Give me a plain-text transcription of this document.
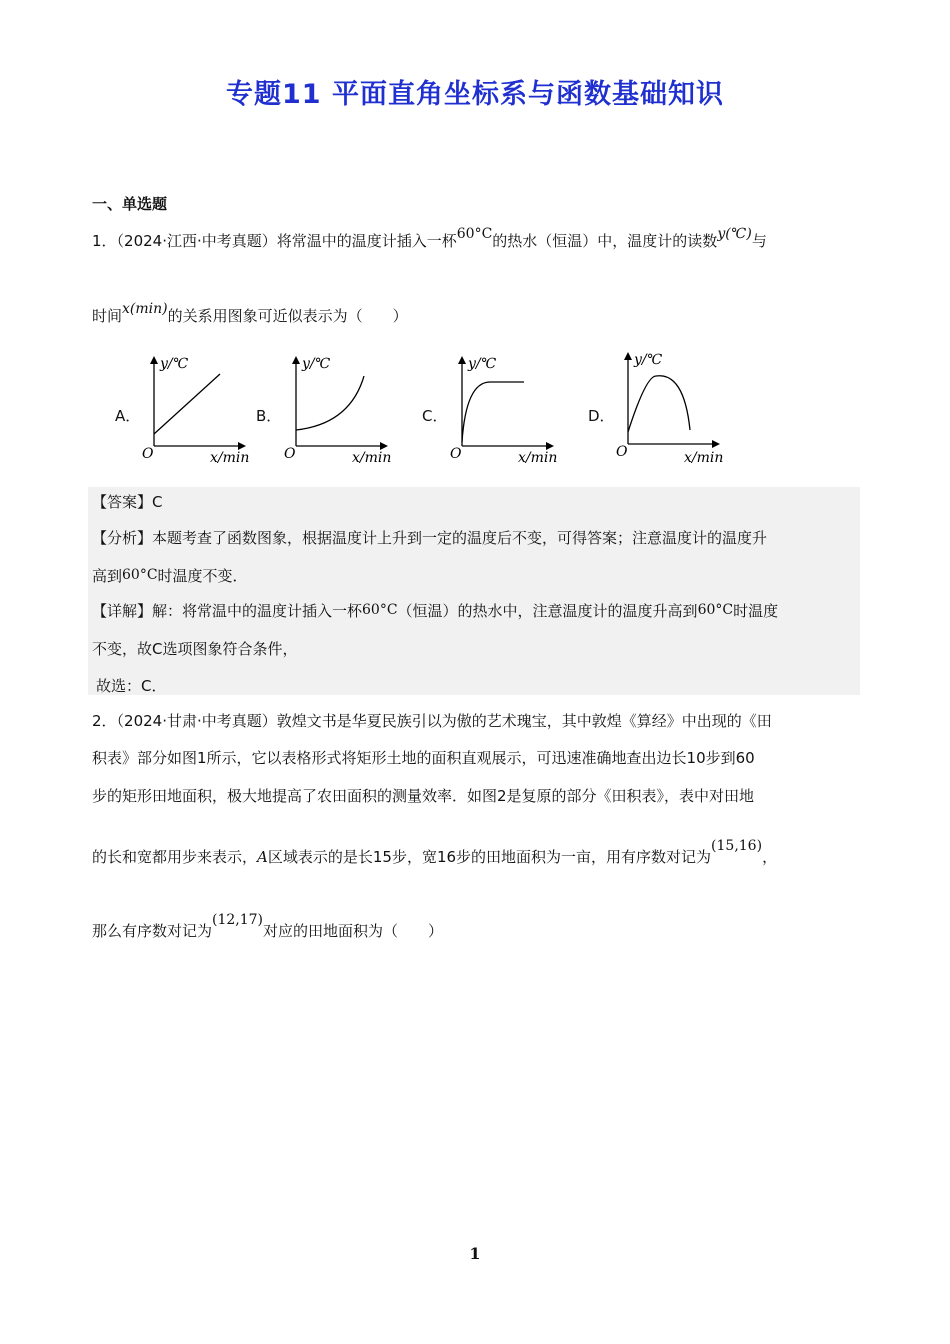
专题11 平面直角坐标系与函数基础知识
一、单选题
1．（2024·江西·中考真题）将常温中的温度计插入一杯60°C的热水（恒温）中，温度计的读数y(℃)与
时间x(min)的关系用图象可近似表示为（　　）
A．
y/℃
O	x/min
B．
y/℃
O	x/min
C．
y/℃
O	x/min
D．
y/℃
O	x/min
【答案】C
【分析】本题考查了函数图象，根据温度计上升到一定的温度后不变，可得答案；注意温度计的温度升
高到60°C时温度不变．
【详解】解：将常温中的温度计插入一杯60°C（恒温）的热水中，注意温度计的温度升高到60°C时温度
不变，故C选项图象符合条件，
故选：C．
2．（2024·甘肃·中考真题）敦煌文书是华夏民族引以为傲的艺术瑰宝，其中敦煌《算经》中出现的《田
积表》部分如图1所示，它以表格形式将矩形土地的面积直观展示，可迅速准确地查出边长10步到60
步的矩形田地面积，极大地提高了农田面积的测量效率．如图2是复原的部分《田积表》，表中对田地
的长和宽都用步来表示，A区域表示的是长15步，宽16步的田地面积为一亩，用有序数对记为(15,16)，
那么有序数对记为(12,17)对应的田地面积为（　　）
1
